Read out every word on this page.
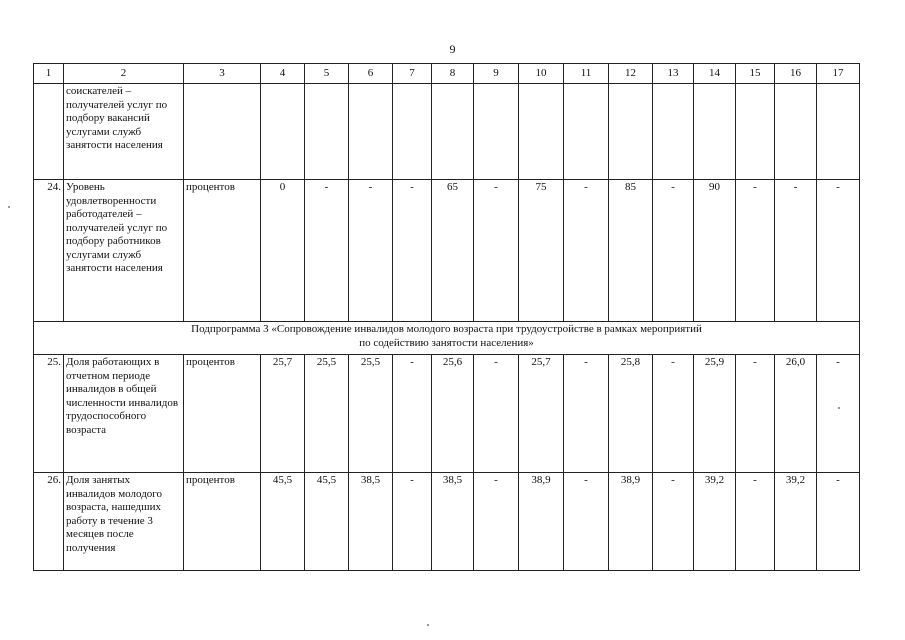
9
1	2	3	4	5	6	7	8	9	10	11	12	13	14	15	16	17
	соискателей – получателей услуг по подбору вакансий услугами служб занятости населения															
24.	Уровень удовлетворенности работодателей – получателей услуг по подбору работников услугами служб занятости населения	процентов	0	-	-	-	65	-	75	-	85	-	90	-	-	-

Подпрограмма 3 «Сопровождение инвалидов молодого возраста при трудоустройстве в рамках мероприятий
по содействию занятости населения»																

25.	Доля работающих в отчетном периоде инвалидов в общей численности инвалидов трудоспособного возраста	процентов	25,7	25,5	25,5	-	25,6	-	25,7	-	25,8	-	25,9	-	26,0	-
26.	Доля занятых инвалидов молодого возраста, нашедших работу в течение 3 месяцев после получения	процентов	45,5	45,5	38,5	-	38,5	-	38,9	-	38,9	-	39,2	-	39,2	-
